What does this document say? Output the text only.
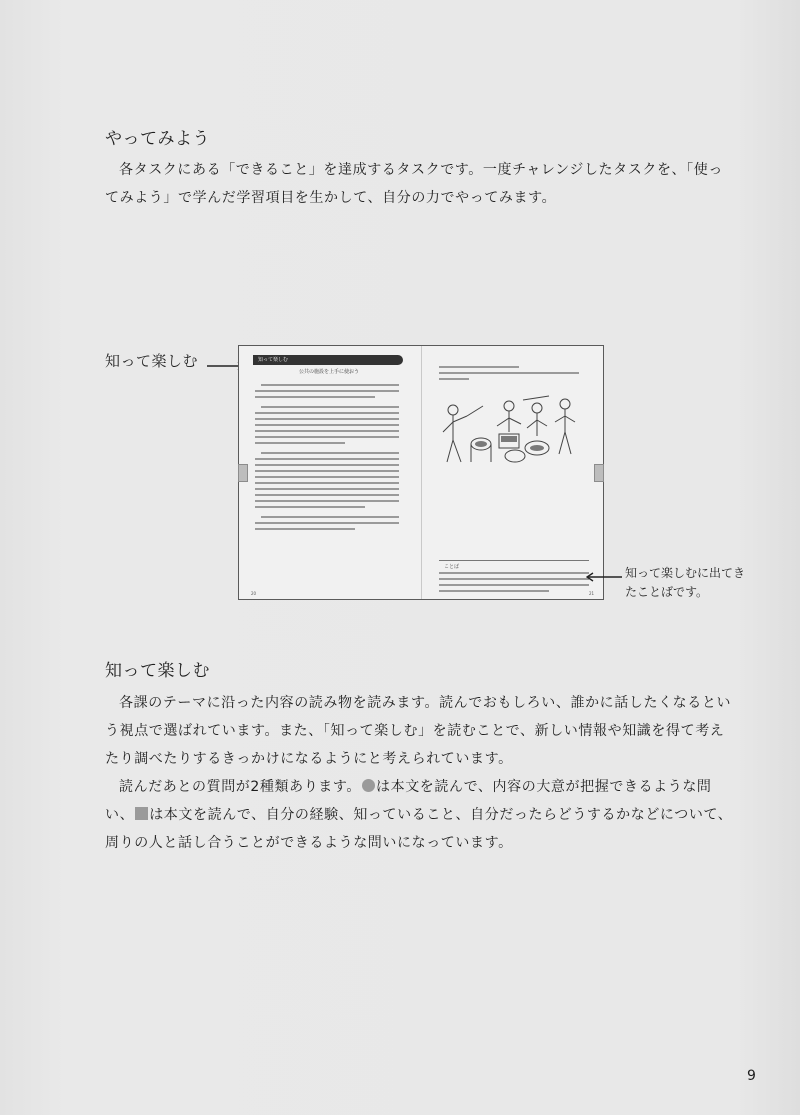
やってみよう

各タスクにある「できること」を達成するタスクです。一度チャレンジしたタスクを、「使ってみよう」で学んだ学習項目を生かして、自分の力でやってみます。

知って楽しむ	知って楽しむ
公共の施設を上手に使おう
ことば
20	21

知って楽しむに出てきたことばです。

知って楽しむ

各課のテーマに沿った内容の読み物を読みます。読んでおもしろい、誰かに話したくなるという視点で選ばれています。また、「知って楽しむ」を読むことで、新しい情報や知識を得て考えたり調べたりするきっかけになるようにと考えられています。

読んだあとの質問が2種類あります。 は本文を読んで、内容の大意が把握できるような問い、 は本文を読んで、自分の経験、知っていること、自分だったらどうするかなどについて、周りの人と話し合うことができるような問いになっています。

9
